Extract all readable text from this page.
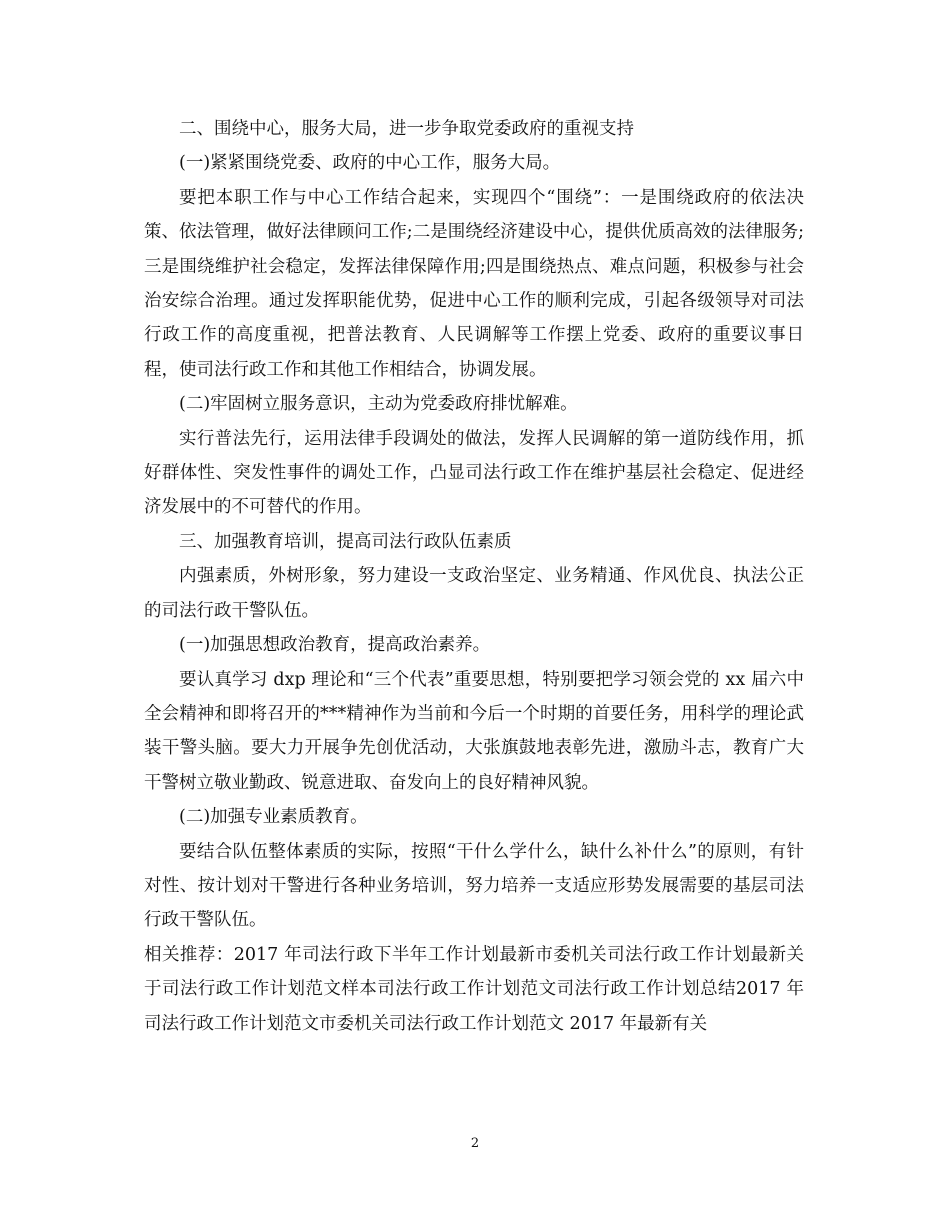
二、围绕中心，服务大局，进一步争取党委政府的重视支持

(一)紧紧围绕党委、政府的中心工作，服务大局。

要把本职工作与中心工作结合起来，实现四个“围绕”：一是围绕政府的依法决策、依法管理，做好法律顾问工作;二是围绕经济建设中心，提供优质高效的法律服务;三是围绕维护社会稳定，发挥法律保障作用;四是围绕热点、难点问题，积极参与社会治安综合治理。通过发挥职能优势，促进中心工作的顺利完成，引起各级领导对司法行政工作的高度重视，把普法教育、人民调解等工作摆上党委、政府的重要议事日程，使司法行政工作和其他工作相结合，协调发展。

(二)牢固树立服务意识，主动为党委政府排忧解难。

实行普法先行，运用法律手段调处的做法，发挥人民调解的第一道防线作用，抓好群体性、突发性事件的调处工作，凸显司法行政工作在维护基层社会稳定、促进经济发展中的不可替代的作用。

三、加强教育培训，提高司法行政队伍素质

内强素质，外树形象，努力建设一支政治坚定、业务精通、作风优良、执法公正的司法行政干警队伍。

(一)加强思想政治教育，提高政治素养。

要认真学习 dxp 理论和“三个代表”重要思想，特别要把学习领会党的 xx 届六中全会精神和即将召开的***精神作为当前和今后一个时期的首要任务，用科学的理论武装干警头脑。要大力开展争先创优活动，大张旗鼓地表彰先进，激励斗志，教育广大干警树立敬业勤政、锐意进取、奋发向上的良好精神风貌。

(二)加强专业素质教育。

要结合队伍整体素质的实际，按照“干什么学什么，缺什么补什么”的原则，有针对性、按计划对干警进行各种业务培训，努力培养一支适应形势发展需要的基层司法行政干警队伍。

相关推荐：2017 年司法行政下半年工作计划最新市委机关司法行政工作计划最新关于司法行政工作计划范文样本司法行政工作计划范文司法行政工作计划总结2017 年司法行政工作计划范文市委机关司法行政工作计划范文 2017 年最新有关

2
